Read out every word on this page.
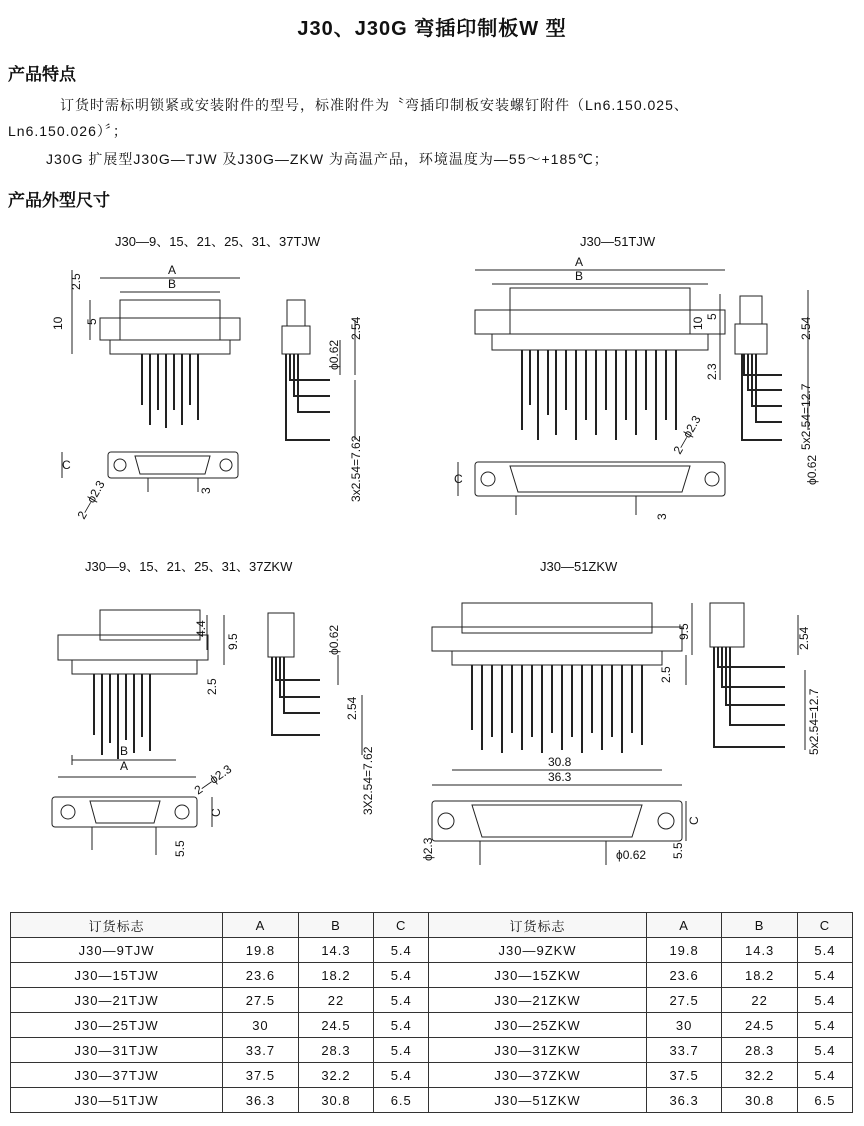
J30、J30G 弯插印制板W 型
产品特点
订货时需标明锁紧或安装附件的型号，标准附件为〝弯插印制板安装螺钉附件（Ln6.150.025、
Ln6.150.026）〞；
J30G 扩展型J30G—TJW 及J30G—ZKW 为高温产品，环境温度为—55～+185℃；
产品外型尺寸
J30—9、15、21、25、31、37TJW
A
B
C
2.5
5
10
ϕ0.62
2.54
3x2.54=7.62
3
2—ϕ2.3
J30—51TJW
A
B
C
10 5
2.3
2.54
5x2.54=12.7
ϕ0.62
3
2—ϕ2.3
J30—9、15、21、25、31、37ZKW
B
A
C
4.4
9.5
2.5
ϕ0.62
2.54
3X2.54=7.62
5.5
2—ϕ2.3
J30—51ZKW
30.8
36.3
9.5
2.5
2.54
5x2.54=12.7
C
5.5
ϕ0.62
ϕ2.3
订货标志	A	B	C	订货标志	A	B	C
J30—9TJW	19.8	14.3	5.4	J30—9ZKW	19.8	14.3	5.4
J30—15TJW	23.6	18.2	5.4	J30—15ZKW	23.6	18.2	5.4
J30—21TJW	27.5	22	5.4	J30—21ZKW	27.5	22	5.4
J30—25TJW	30	24.5	5.4	J30—25ZKW	30	24.5	5.4
J30—31TJW	33.7	28.3	5.4	J30—31ZKW	33.7	28.3	5.4
J30—37TJW	37.5	32.2	5.4	J30—37ZKW	37.5	32.2	5.4
J30—51TJW	36.3	30.8	6.5	J30—51ZKW	36.3	30.8	6.5
